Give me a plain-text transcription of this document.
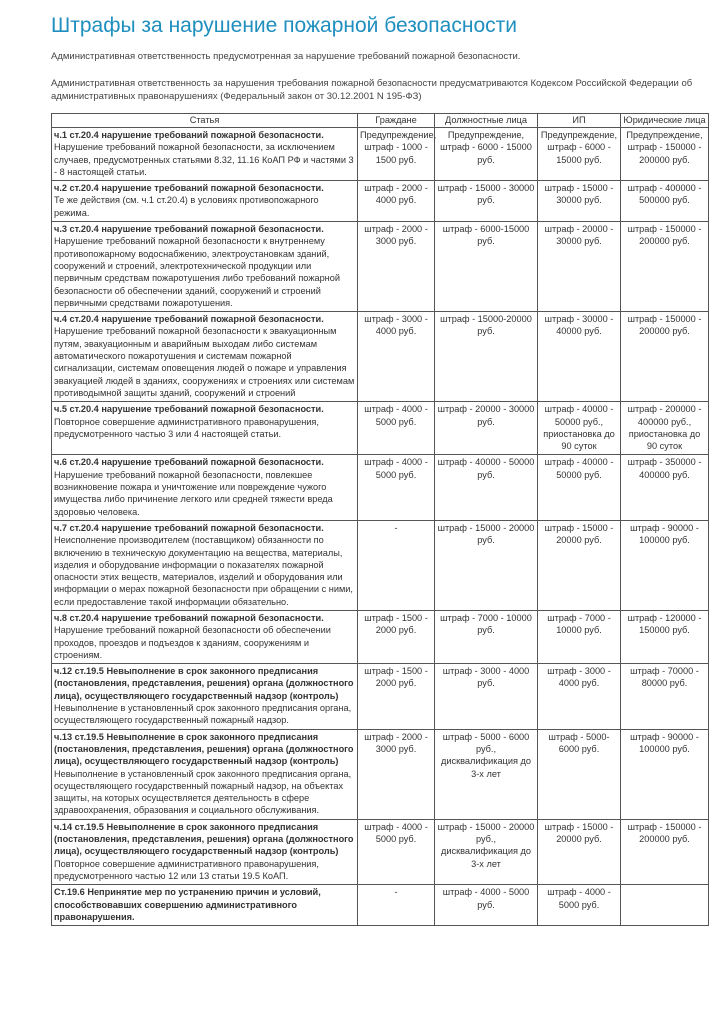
Штрафы за нарушение пожарной безопасности

Административная ответственность предусмотренная за нарушение требований пожарной безопасности.

Административная ответственность за нарушения требования пожарной безопасности предусматриваются Кодексом Российской Федерации об административных правонарушениях (Федеральный закон от 30.12.2001 N 195-ФЗ)

Статья	Граждане	Должностные лица	ИП	Юридические лица

ч.1 ст.20.4 нарушение требований пожарной безопасности.
Нарушение требований пожарной безопасности, за исключением случаев, предусмотренных статьями 8.32, 11.16 КоАП РФ и частями 3 - 8 настоящей статьи.	Предупреждение, штраф - 1000 - 1500 руб.	Предупреждение, штраф - 6000 - 15000 руб.	Предупреждение, штраф - 6000 - 15000 руб.	Предупреждение, штраф - 150000 - 200000 руб.

ч.2 ст.20.4 нарушение требований пожарной безопасности.
Те же действия (см. ч.1 ст.20.4) в условиях противопожарного режима.	штраф - 2000 - 4000 руб.	штраф - 15000 - 30000 руб.	штраф - 15000 - 30000 руб.	штраф - 400000 - 500000 руб.

ч.3 ст.20.4 нарушение требований пожарной безопасности.
Нарушение требований пожарной безопасности к внутреннему противопожарному водоснабжению, электроустановкам зданий, сооружений и строений, электротехнической продукции или первичным средствам пожаротушения либо требований пожарной безопасности об обеспечении зданий, сооружений и строений первичными средствами пожаротушения.	штраф - 2000 - 3000 руб.	штраф - 6000-15000 руб.	штраф - 20000 - 30000 руб.	штраф - 150000 - 200000 руб.

ч.4 ст.20.4 нарушение требований пожарной безопасности.
Нарушение требований пожарной безопасности к эвакуационным путям, эвакуационным и аварийным выходам либо системам автоматического пожаротушения и системам пожарной сигнализации, системам оповещения людей о пожаре и управления эвакуацией людей в зданиях, сооружениях и строениях или системам противодымной защиты зданий, сооружений и строений	штраф - 3000 - 4000 руб.	штраф - 15000-20000 руб.	штраф - 30000 - 40000 руб.	штраф - 150000 - 200000 руб.

ч.5 ст.20.4 нарушение требований пожарной безопасности.
Повторное совершение административного правонарушения, предусмотренного частью 3 или 4 настоящей статьи.	штраф - 4000 - 5000 руб.	штраф - 20000 - 30000 руб.	штраф - 40000 - 50000 руб., приостановка до 90 суток	штраф - 200000 - 400000 руб., приостановка до 90 суток

ч.6 ст.20.4 нарушение требований пожарной безопасности.
Нарушение требований пожарной безопасности, повлекшее возникновение пожара и уничтожение или повреждение чужого имущества либо причинение легкого или средней тяжести вреда здоровью человека.	штраф - 4000 - 5000 руб.	штраф - 40000 - 50000 руб.	штраф - 40000 - 50000 руб.	штраф - 350000 - 400000 руб.

ч.7 ст.20.4 нарушение требований пожарной безопасности.
Неисполнение производителем (поставщиком) обязанности по включению в техническую документацию на вещества, материалы, изделия и оборудование информации о показателях пожарной опасности этих веществ, материалов, изделий и оборудования или информации о мерах пожарной безопасности при обращении с ними, если предоставление такой информации обязательно.	-	штраф - 15000 - 20000 руб.	штраф - 15000 - 20000 руб.	штраф - 90000 - 100000 руб.

ч.8 ст.20.4 нарушение требований пожарной безопасности.
Нарушение требований пожарной безопасности об обеспечении проходов, проездов и подъездов к зданиям, сооружениям и строениям.	штраф - 1500 - 2000 руб.	штраф - 7000 - 10000 руб.	штраф - 7000 - 10000 руб.	штраф - 120000 - 150000 руб.

ч.12 ст.19.5 Невыполнение в срок законного предписания (постановления, представления, решения) органа (должностного лица), осуществляющего государственный надзор (контроль)
Невыполнение в установленный срок законного предписания органа, осуществляющего государственный пожарный надзор.	штраф - 1500 - 2000 руб.	штраф - 3000 - 4000 руб.	штраф - 3000 - 4000 руб.	штраф - 70000 - 80000 руб.

ч.13 ст.19.5 Невыполнение в срок законного предписания (постановления, представления, решения) органа (должностного лица), осуществляющего государственный надзор (контроль)
Невыполнение в установленный срок законного предписания органа, осуществляющего государственный пожарный надзор, на объектах защиты, на которых осуществляется деятельность в сфере здравоохранения, образования и социального обслуживания.	штраф - 2000 - 3000 руб.	штраф - 5000 - 6000 руб., дисквалификация до 3-х лет	штраф - 5000-6000 руб.	штраф - 90000 - 100000 руб.

ч.14 ст.19.5 Невыполнение в срок законного предписания (постановления, представления, решения) органа (должностного лица), осуществляющего государственный надзор (контроль)
Повторное совершение административного правонарушения, предусмотренного частью 12 или 13 статьи 19.5 КоАП.	штраф - 4000 - 5000 руб.	штраф - 15000 - 20000 руб., дисквалификация до 3-х лет	штраф - 15000 - 20000 руб.	штраф - 150000 - 200000 руб.

Ст.19.6 Непринятие мер по устранению причин и условий, способствовавших совершению административного правонарушения.	-	штраф - 4000 - 5000 руб.	штраф - 4000 - 5000 руб.	
